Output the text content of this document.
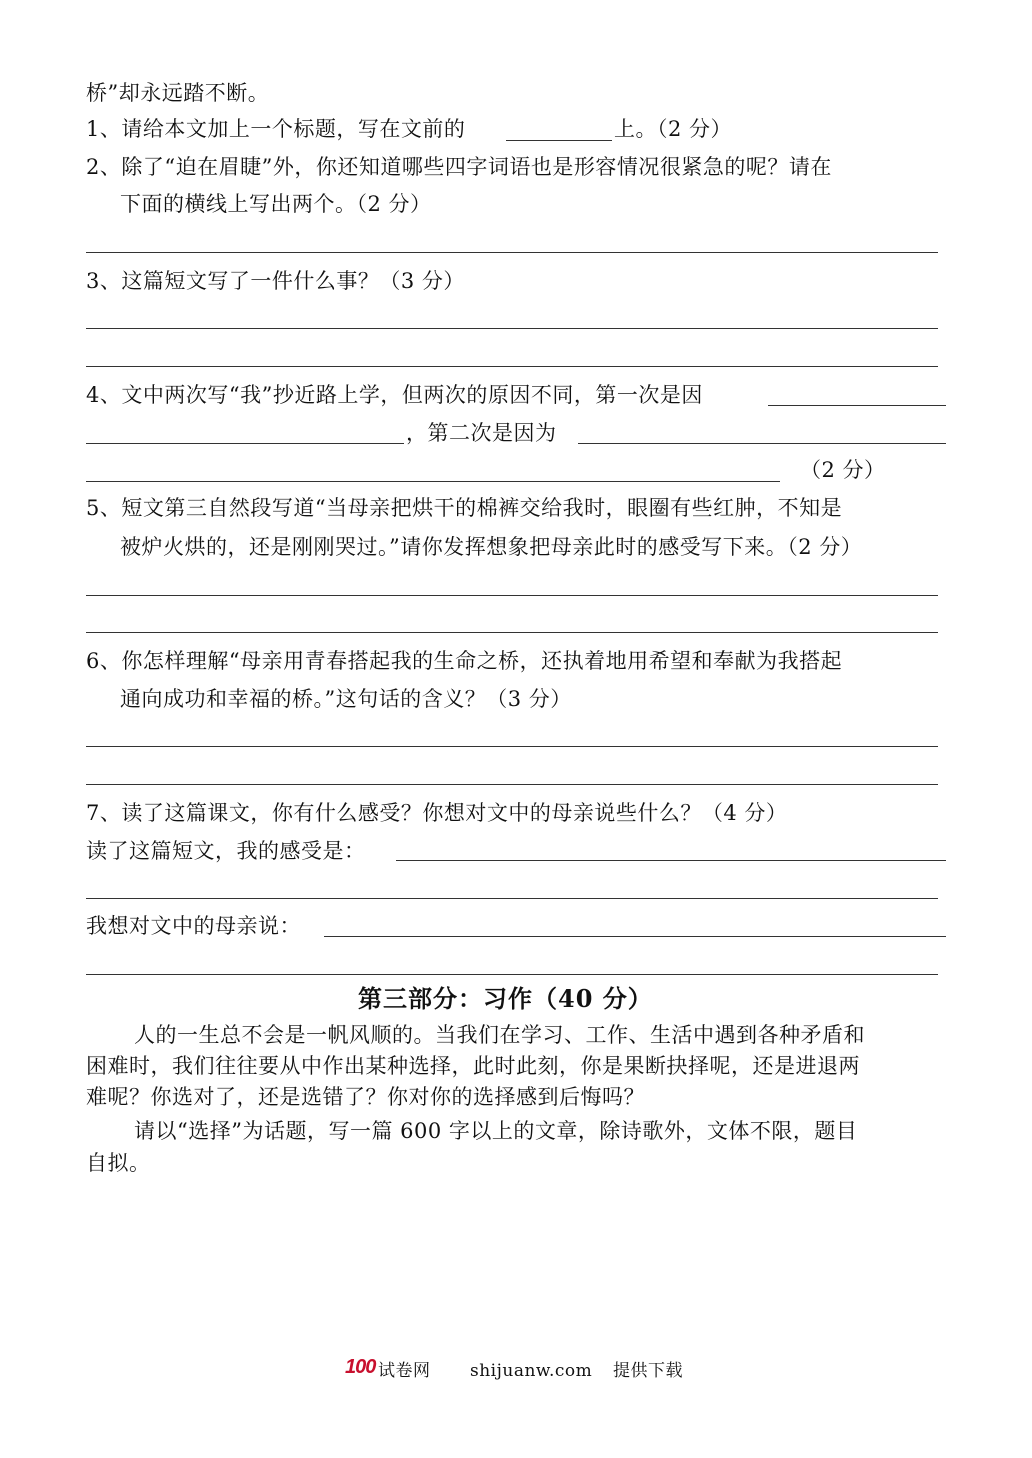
桥”却永远踏不断。
1、请给本文加上一个标题，写在文前的	上。（2 分）
2、除了“迫在眉睫”外，你还知道哪些四字词语也是形容情况很紧急的呢？请在
下面的横线上写出两个。（2 分）
3、这篇短文写了一件什么事？（3 分）
4、文中两次写“我”抄近路上学，但两次的原因不同，第一次是因
，第二次是因为
（2 分）
5、短文第三自然段写道“当母亲把烘干的棉裤交给我时，眼圈有些红肿，不知是
被炉火烘的，还是刚刚哭过。”请你发挥想象把母亲此时的感受写下来。（2 分）
6、你怎样理解“母亲用青春搭起我的生命之桥，还执着地用希望和奉献为我搭起
通向成功和幸福的桥。”这句话的含义？（3 分）
7、读了这篇课文，你有什么感受？你想对文中的母亲说些什么？（4 分）
读了这篇短文，我的感受是：
我想对文中的母亲说：
第三部分：习作（40 分）
人的一生总不会是一帆风顺的。当我们在学习、工作、生活中遇到各种矛盾和
困难时，我们往往要从中作出某种选择，此时此刻，你是果断抉择呢，还是进退两
难呢？你选对了，还是选错了？你对你的选择感到后悔吗？
请以“选择”为话题，写一篇 600 字以上的文章，除诗歌外，文体不限，题目
自拟。
100 试卷网 shijuanw.com 提供下载
